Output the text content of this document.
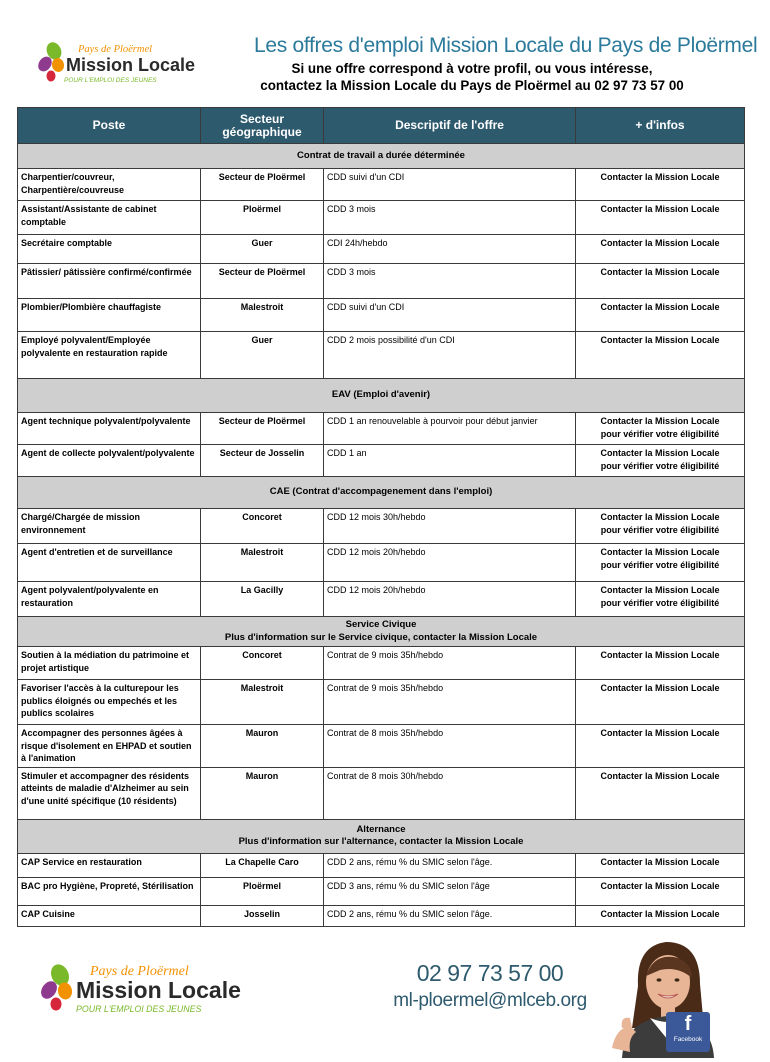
Pays de Ploërmel
Mission Locale
POUR L'EMPLOI DES JEUNES
Les offres d'emploi Mission Locale du Pays de Ploërmel
Si une offre correspond à votre profil, ou vous intéresse,
contactez la Mission Locale du Pays de Ploërmel au 02 97 73 57 00
Poste	Secteur géographique	Descriptif de l'offre	+ d'infos

Contrat de travail a durée déterminée			

Charpentier/couvreur, Charpentière/couvreuse	Secteur de Ploërmel	CDD suivi d'un CDI	Contacter la Mission Locale

Assistant/Assistante de cabinet comptable	Ploërmel	CDD 3 mois	Contacter la Mission Locale

Secrétaire comptable	Guer	CDI 24h/hebdo	Contacter la Mission Locale

Pâtissier/ pâtissière confirmé/confirmée	Secteur de Ploërmel	CDD 3 mois	Contacter la Mission Locale

Plombier/Plombière chauffagiste	Malestroit	CDD suivi d'un CDI	Contacter la Mission Locale

Employé polyvalent/Employée polyvalente en restauration rapide	Guer	CDD 2 mois possibilité d'un CDI	Contacter la Mission Locale

EAV (Emploi d'avenir)			

Agent technique polyvalent/polyvalente	Secteur de Ploërmel	CDD 1 an renouvelable à pourvoir pour début janvier	Contacter la Mission Locale
pour vérifier votre éligibilité

Agent de collecte polyvalent/polyvalente	Secteur de Josselin	CDD 1 an	Contacter la Mission Locale
pour vérifier votre éligibilité

CAE (Contrat d'accompagenement dans l'emploi)			

Chargé/Chargée de mission environnement	Concoret	CDD 12 mois 30h/hebdo	Contacter la Mission Locale
pour vérifier votre éligibilité

Agent d'entretien et de surveillance	Malestroit	CDD 12 mois 20h/hebdo	Contacter la Mission Locale
pour vérifier votre éligibilité

Agent polyvalent/polyvalente en restauration	La Gacilly	CDD 12 mois 20h/hebdo	Contacter la Mission Locale
pour vérifier votre éligibilité

Service Civique
Plus d'information sur le Service civique, contacter la Mission Locale			

Soutien à la médiation du patrimoine et projet artistique	Concoret	Contrat de 9 mois 35h/hebdo	Contacter la Mission Locale

Favoriser l'accès à la culturepour les publics éloignés ou empechés et les publics scolaires	Malestroit	Contrat de 9 mois 35h/hebdo	Contacter la Mission Locale

Accompagner des personnes âgées à risque d'isolement en EHPAD et soutien à l'animation	Mauron	Contrat de 8 mois 35h/hebdo	Contacter la Mission Locale

Stimuler et accompagner des résidents atteints de maladie d'Alzheimer au sein d'une unité spécifique (10 résidents)	Mauron	Contrat de 8 mois 30h/hebdo	Contacter la Mission Locale

Alternance
Plus d'information sur l'alternance, contacter la Mission Locale			

CAP Service en restauration	La Chapelle Caro	CDD 2 ans, rému % du SMIC selon l'âge.	Contacter la Mission Locale

BAC pro Hygiène, Propreté, Stérilisation	Ploërmel	CDD 3 ans, rému % du SMIC selon l'âge	Contacter la Mission Locale

CAP Cuisine	Josselin	CDD 2 ans, rému % du SMIC selon l'âge.	Contacter la Mission Locale
Pays de Ploërmel
Mission Locale
POUR L'EMPLOI DES JEUNES
02 97 73 57 00
ml-ploermel@mlceb.org
f
Facebook
